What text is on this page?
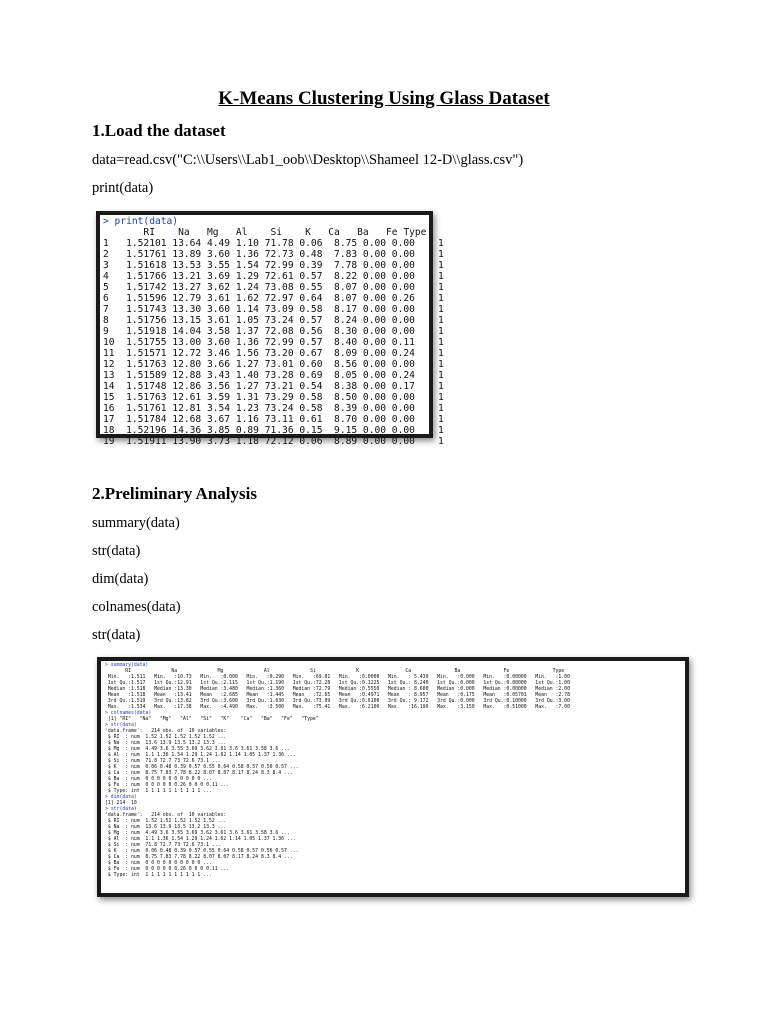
K-Means Clustering Using Glass Dataset
1.Load the dataset
data=read.csv("C:\\Users\\Lab1_oob\\Desktop\\Shameel 12-D\\glass.csv")
print(data)
> print(data)
RI    Na   Mg   Al    Si    K   Ca   Ba   Fe Type
1   1.52101 13.64 4.49 1.10 71.78 0.06  8.75 0.00 0.00    1
2   1.51761 13.89 3.60 1.36 72.73 0.48  7.83 0.00 0.00    1
3   1.51618 13.53 3.55 1.54 72.99 0.39  7.78 0.00 0.00    1
4   1.51766 13.21 3.69 1.29 72.61 0.57  8.22 0.00 0.00    1
5   1.51742 13.27 3.62 1.24 73.08 0.55  8.07 0.00 0.00    1
6   1.51596 12.79 3.61 1.62 72.97 0.64  8.07 0.00 0.26    1
7   1.51743 13.30 3.60 1.14 73.09 0.58  8.17 0.00 0.00    1
8   1.51756 13.15 3.61 1.05 73.24 0.57  8.24 0.00 0.00    1
9   1.51918 14.04 3.58 1.37 72.08 0.56  8.30 0.00 0.00    1
10  1.51755 13.00 3.60 1.36 72.99 0.57  8.40 0.00 0.11    1
11  1.51571 12.72 3.46 1.56 73.20 0.67  8.09 0.00 0.24    1
12  1.51763 12.80 3.66 1.27 73.01 0.60  8.56 0.00 0.00    1
13  1.51589 12.88 3.43 1.40 73.28 0.69  8.05 0.00 0.24    1
14  1.51748 12.86 3.56 1.27 73.21 0.54  8.38 0.00 0.17    1
15  1.51763 12.61 3.59 1.31 73.29 0.58  8.50 0.00 0.00    1
16  1.51761 12.81 3.54 1.23 73.24 0.58  8.39 0.00 0.00    1
17  1.51784 12.68 3.67 1.16 73.11 0.61  8.70 0.00 0.00    1
18  1.52196 14.36 3.85 0.89 71.36 0.15  9.15 0.00 0.00    1
19  1.51911 13.90 3.73 1.18 72.12 0.06  8.89 0.00 0.00    1
2.Preliminary Analysis
summary(data)
str(data)
dim(data)
colnames(data)
str(data)
> summary(data)
RI              Na              Mg              Al              Si              K                Ca               Ba               Fe               Type
Min.   :1.511   Min.   :10.73   Min.   :0.000   Min.   :0.290   Min.   :69.81   Min.   :0.0000   Min.   : 5.430   Min.   :0.000   Min.   :0.00000   Min.   :1.00
1st Qu.:1.517   1st Qu.:12.91   1st Qu.:2.115   1st Qu.:1.190   1st Qu.:72.28   1st Qu.:0.1225   1st Qu.: 8.240   1st Qu.:0.000   1st Qu.:0.00000   1st Qu.:1.00
Median :1.518   Median :13.30   Median :3.480   Median :1.360   Median :72.79   Median :0.5550   Median : 8.600   Median :0.000   Median :0.00000   Median :2.00
Mean   :1.518   Mean   :13.41   Mean   :2.685   Mean   :1.445   Mean   :72.65   Mean   :0.4971   Mean   : 8.957   Mean   :0.175   Mean   :0.05701   Mean   :2.78
3rd Qu.:1.519   3rd Qu.:13.82   3rd Qu.:3.600   3rd Qu.:1.630   3rd Qu.:73.09   3rd Qu.:0.6100   3rd Qu.: 9.172   3rd Qu.:0.000   3rd Qu.:0.10000   3rd Qu.:3.00
Max.   :1.534   Max.   :17.38   Max.   :4.490   Max.   :3.500   Max.   :75.41   Max.   :6.2100   Max.   :16.190   Max.   :3.150   Max.   :0.51000   Max.   :7.00
> colnames(data)
[1] "RI"   "Na"   "Mg"   "Al"   "Si"   "K"    "Ca"   "Ba"   "Fe"   "Type"
> str(data)
'data.frame':	214 obs. of  10 variables:
$ RI  : num  1.52 1.52 1.52 1.52 1.52 ...
$ Na  : num  13.6 13.9 13.5 13.2 13.3 ...
$ Mg  : num  4.49 3.6 3.55 3.69 3.62 3.61 3.6 3.61 3.58 3.6 ...
$ Al  : num  1.1 1.36 1.54 1.29 1.24 1.62 1.14 1.05 1.37 1.36 ...
$ Si  : num  71.8 72.7 73 72.6 73.1 ...
$ K   : num  0.06 0.48 0.39 0.57 0.55 0.64 0.58 0.57 0.56 0.57 ...
$ Ca  : num  8.75 7.83 7.78 8.22 8.07 8.07 8.17 8.24 8.3 8.4 ...
$ Ba  : num  0 0 0 0 0 0 0 0 0 0 ...
$ Fe  : num  0 0 0 0 0 0.26 0 0 0 0.11 ...
$ Type: int  1 1 1 1 1 1 1 1 1 1 ...
> dim(data)
[1] 214  10
> str(data)
'data.frame':	214 obs. of  10 variables:
$ RI  : num  1.52 1.52 1.52 1.52 1.52 ...
$ Na  : num  13.6 13.9 13.5 13.2 13.3 ...
$ Mg  : num  4.49 3.6 3.55 3.69 3.62 3.61 3.6 3.61 3.58 3.6 ...
$ Al  : num  1.1 1.36 1.54 1.29 1.24 1.62 1.14 1.05 1.37 1.36 ...
$ Si  : num  71.8 72.7 73 72.6 73.1 ...
$ K   : num  0.06 0.48 0.39 0.57 0.55 0.64 0.58 0.57 0.56 0.57 ...
$ Ca  : num  8.75 7.83 7.78 8.22 8.07 8.07 8.17 8.24 8.3 8.4 ...
$ Ba  : num  0 0 0 0 0 0 0 0 0 0 ...
$ Fe  : num  0 0 0 0 0 0.26 0 0 0 0.11 ...
$ Type: int  1 1 1 1 1 1 1 1 1 1 ...
